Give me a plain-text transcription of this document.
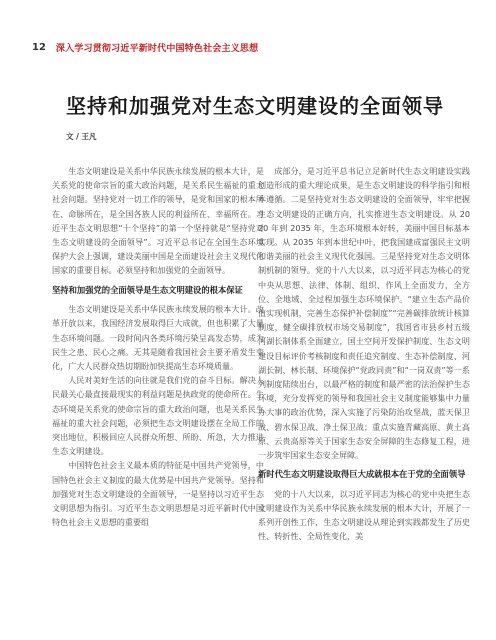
12 深入学习贯彻习近平新时代中国特色社会主义思想
坚持和加强党对生态文明建设的全面领导
文 / 王凡

生态文明建设是关系中华民族永续发展的根本大计，是关系党的使命宗旨的重大政治问题，是关系民生福祉的重大社会问题。坚持党对一切工作的领导，是党和国家的根本所在、命脉所在，是全国各族人民的利益所在、幸福所在。习近平生态文明思想“十个坚持”的第一个坚持就是“坚持党对生态文明建设的全面领导”。习近平总书记在全国生态环境保护大会上强调，建设美丽中国是全面建设社会主义现代化国家的重要目标。必须坚持和加强党的全面领导。

坚持和加强党的全面领导是生态文明建设的根本保证

生态文明建设是关系中华民族永续发展的根本大计。改革开放以来，我国经济发展取得巨大成就，但也积累了大量生态环境问题。一段时间内各类环境污染呈高发态势，成为民生之患、民心之痛。无其是随着我国社会主要矛盾发生变化，广大人民群众热切期盼加快提高生态环境质量。

人民对美好生活的向往就是我们党的奋斗目标。解决人民最关心最直接最现实的利益问题是执政党的使命所在。生态环境是关系党的使命宗旨的重大政治问题，也是关系民生福祉的重大社会问题，必须把生态文明建设摆在全局工作的突出地位，积极回应人民群众所想、所盼、所急，大力推进生态文明建设。

中国特色社会主义最本质的特征是中国共产党领导，中国特色社会主义制度的最大优势是中国共产党领导。坚持和加强党对生态文明建设的全面领导，一是坚持以习近平生态文明思想为指引。习近平生态文明思想是习近平新时代中国特色社会主义思想的重要组

成部分，是习近平总书记立足新时代生态文明建设实践创造形成的重大理论成果，是生态文明建设的科学指引和根本遵循。二是坚持党对生态文明建设的全面领导，牢牢把握生态文明建设的正确方向，扎实推进生态文明建设。从 2020 年到 2035 年，生态环境根本好转，美丽中国目标基本实现。从 2035 年到本世纪中叶，把我国建成富强民主文明和谐美丽的社会主义现代化强国。三是坚持党对生态文明体制机制的领导。党的十八大以来，以习近平同志为核心的党中央从思想、法律、体制、组织、作风上全面发力，全方位、全地域、全过程加强生态环境保护。“建立生态产品价值实现机制，完善生态保护补偿制度”“完善碳排放统计核算制度，健全碳排放权市场交易制度”，我国省市县乡村五级河湖长制体系全面建立，国土空间开发保护制度、生态文明建设目标评价考核制度和责任追究制度、生态补偿制度、河湖长制、林长制、环境保护“党政同责”和“一岗双责”等一系列制度陆续出台，以最严格的制度和最严密的法治保护生态环境，充分发挥党的领导和我国社会主义制度能够集中力量办大事的政治优势，深入实施了污染防治攻坚战，蓝天保卫战、碧水保卫战、净土保卫战；重点实施青藏高原、黄土高原、云贵高原等关于国家生态安全屏障的生态修复工程，进一步筑牢国家生态安全屏障。

新时代生态文明建设取得巨大成就根本在于党的全面领导

党的十八大以来，以习近平同志为核心的党中央把生态文明建设作为关系中华民族永续发展的根本大计，开展了一系列开创性工作，生态文明建设从理论到实践都发生了历史性、转折性、全局性变化，美
